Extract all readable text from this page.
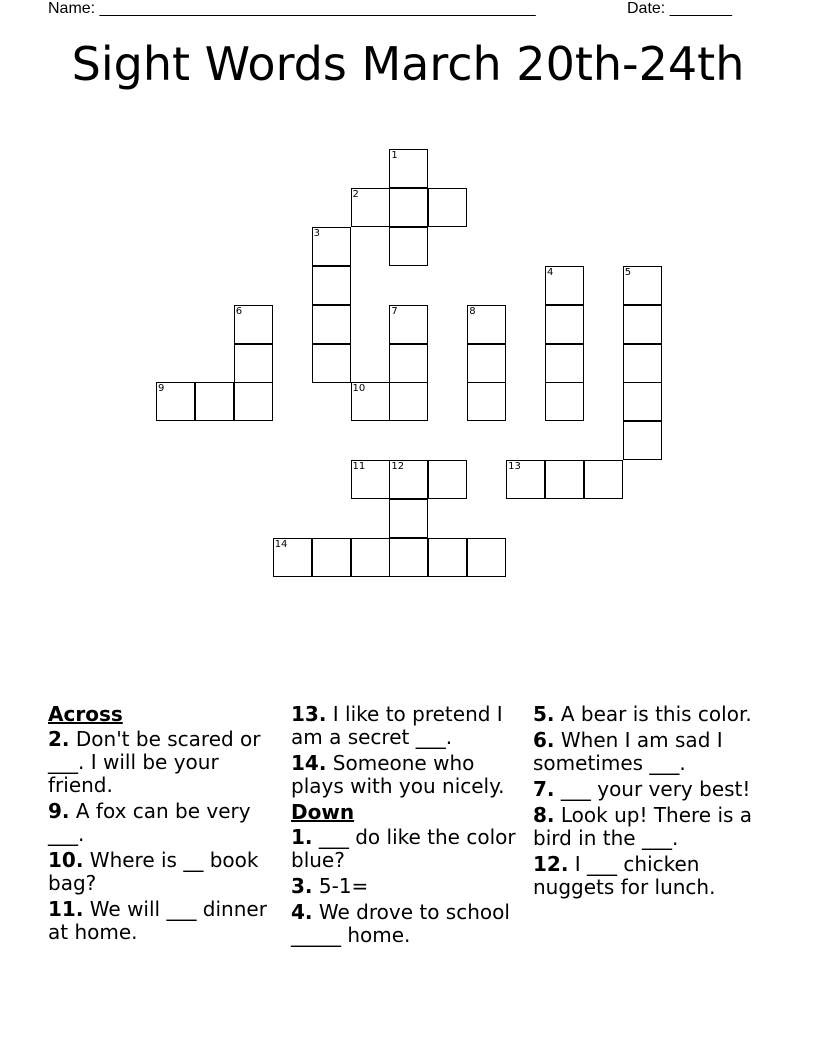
Name: _________________________________________________	Date: _______
Sight Words March 20th-24th
1
2
3
4	5
6	7	8
9	10
11	12	13
14
Across
2. Don't be scared or ___. I will be your friend.
9. A fox can be very ___.
10. Where is __ book bag?
11. We will ___ dinner at home.
13. I like to pretend I am a secret ___.
14. Someone who plays with you nicely.
Down
1. ___ do like the color blue?
3. 5-1=
4. We drove to school _____ home.
5. A bear is this color.
6. When I am sad I sometimes ___.
7. ___ your very best!
8. Look up! There is a bird in the ___.
12. I ___ chicken nuggets for lunch.
